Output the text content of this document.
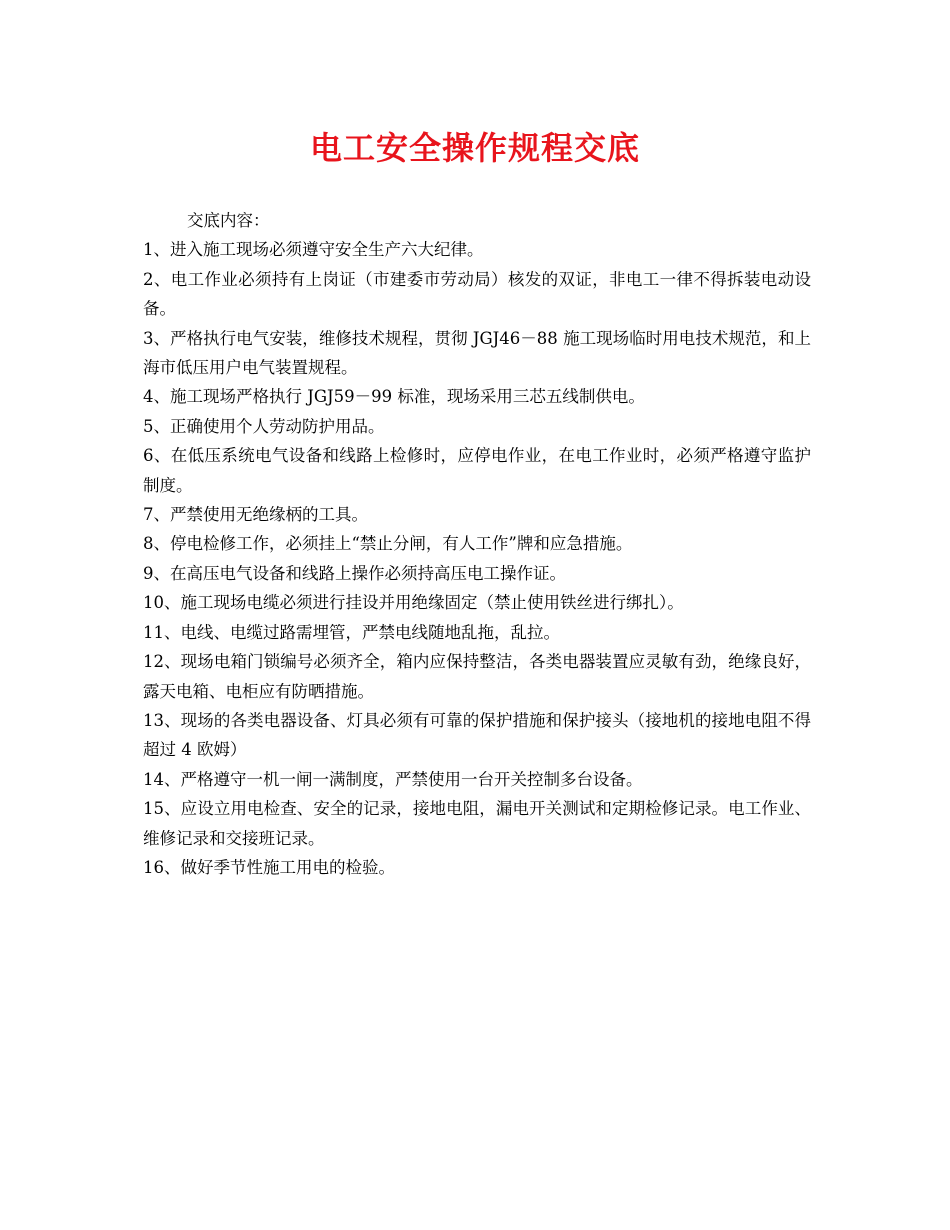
电工安全操作规程交底
交底内容：

1、进入施工现场必须遵守安全生产六大纪律。

2、电工作业必须持有上岗证（市建委市劳动局）核发的双证，非电工一律不得拆装电动设备。

3、严格执行电气安装，维修技术规程，贯彻 JGJ46－88 施工现场临时用电技术规范，和上海市低压用户电气装置规程。

4、施工现场严格执行 JGJ59－99 标准，现场采用三芯五线制供电。

5、正确使用个人劳动防护用品。

6、在低压系统电气设备和线路上检修时，应停电作业，在电工作业时，必须严格遵守监护制度。

7、严禁使用无绝缘柄的工具。

8、停电检修工作，必须挂上“禁止分闸，有人工作”牌和应急措施。

9、在高压电气设备和线路上操作必须持高压电工操作证。

10、施工现场电缆必须进行挂设并用绝缘固定（禁止使用铁丝进行绑扎）。

11、电线、电缆过路需埋管，严禁电线随地乱拖，乱拉。

12、现场电箱门锁编号必须齐全，箱内应保持整洁，各类电器装置应灵敏有劲，绝缘良好，露天电箱、电柜应有防晒措施。

13、现场的各类电器设备、灯具必须有可靠的保护措施和保护接头（接地机的接地电阻不得超过 4 欧姆）

14、严格遵守一机一闸一满制度，严禁使用一台开关控制多台设备。

15、应设立用电检查、安全的记录，接地电阻，漏电开关测试和定期检修记录。电工作业、维修记录和交接班记录。

16、做好季节性施工用电的检验。
